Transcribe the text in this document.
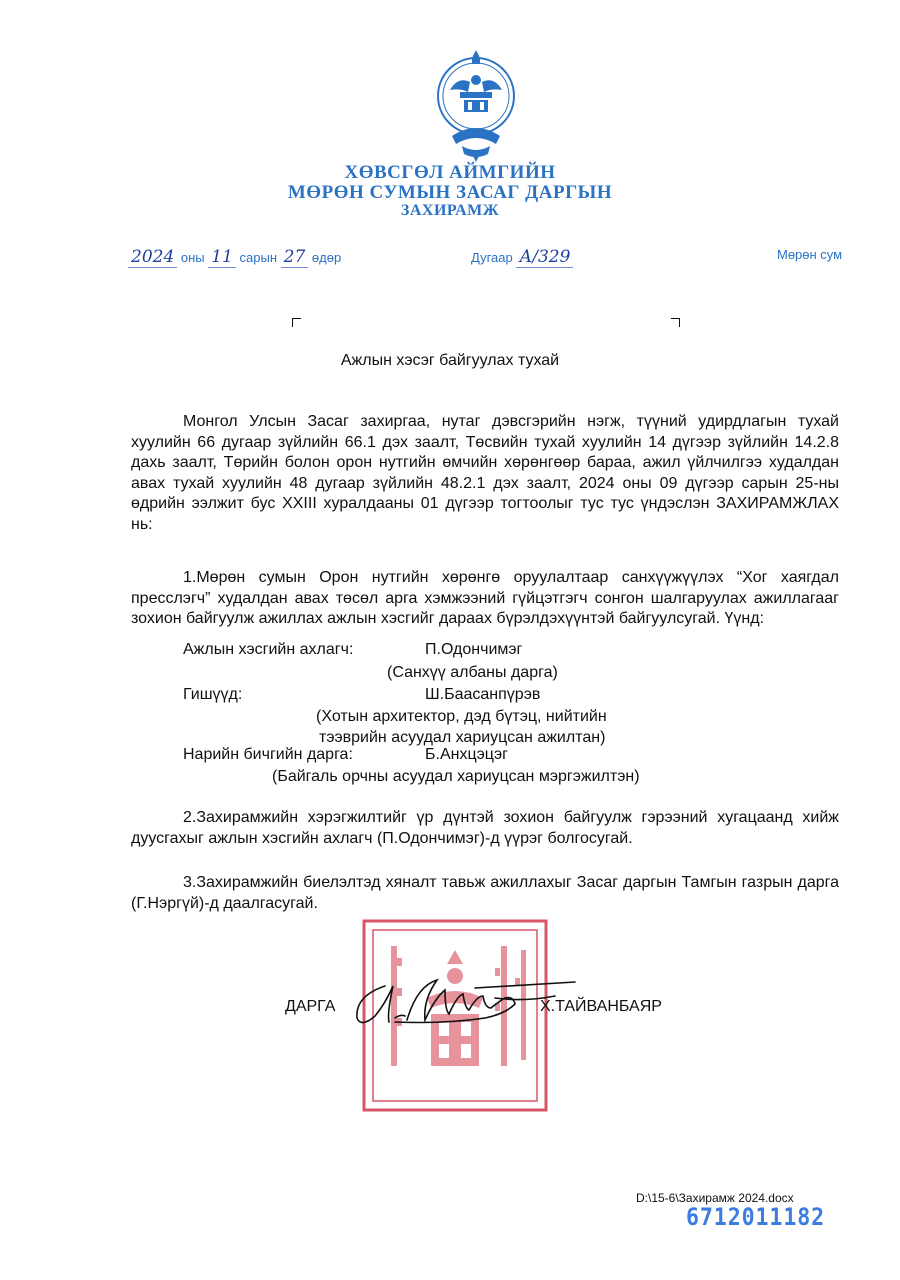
ХӨВСГӨЛ АЙМГИЙН
МӨРӨН СУМЫН ЗАСАГ ДАРГЫН
ЗАХИРАМЖ
2024 оны 11 сарын 27 өдөр	Дугаар А/329	Мөрөн сум
Ажлын хэсэг байгуулах тухай

Монгол Улсын Засаг захиргаа, нутаг дэвсгэрийн нэгж, түүний удирдлагын тухай хуулийн 66 дугаар зүйлийн 66.1 дэх заалт, Төсвийн тухай хуулийн 14 дүгээр зүйлийн 14.2.8 дахь заалт, Төрийн болон орон нутгийн өмчийн хөрөнгөөр бараа, ажил үйлчилгээ худалдан авах тухай хуулийн 48 дугаар зүйлийн 48.2.1 дэх заалт, 2024 оны 09 дүгээр сарын 25-ны өдрийн ээлжит бус XXIII хуралдааны 01 дүгээр тогтоолыг тус тус үндэслэн ЗАХИРАМЖЛАХ нь:

1.Мөрөн сумын Орон нутгийн хөрөнгө оруулалтаар санхүүжүүлэх “Хог хаягдал пресслэгч” худалдан авах төсөл арга хэмжээний гүйцэтгэгч сонгон шалгаруулах ажиллагааг зохион байгуулж ажиллах ажлын хэсгийг дараах бүрэлдэхүүнтэй байгуулсугай. Үүнд:

Ажлын хэсгийн ахлагч:	П.Одончимэг
(Санхүү албаны дарга)
Гишүүд:	Ш.Баасанпүрэв
(Хотын архитектор, дэд бүтэц, нийтийн
тээврийн асуудал хариуцсан ажилтан)
Нарийн бичгийн дарга:	Б.Анхцэцэг
(Байгаль орчны асуудал хариуцсан мэргэжилтэн)

2.Захирамжийн хэрэгжилтийг үр дүнтэй зохион байгуулж гэрээний хугацаанд хийж дуусгахыг ажлын хэсгийн ахлагч (П.Одончимэг)-д үүрэг болгосугай.

3.Захирамжийн биелэлтэд хяналт тавьж ажиллахыг Засаг даргын Тамгын газрын дарга (Г.Нэргүй)-д даалгасугай.

ДАРГА	Х.ТАЙВАНБАЯР
D:\15-6\Захирамж 2024.docx
6712011182
